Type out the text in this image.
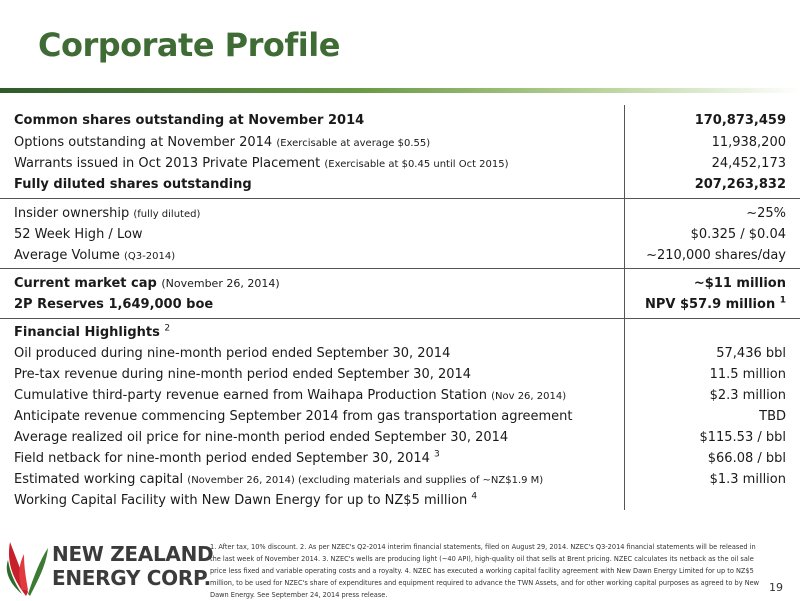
Corporate Profile
Common shares outstanding at November 2014	170,873,459
Options outstanding at November 2014 (Exercisable at average $0.55)	11,938,200
Warrants issued in Oct 2013 Private Placement (Exercisable at $0.45 until Oct 2015)	24,452,173
Fully diluted shares outstanding	207,263,832
Insider ownership (fully diluted)	~25%
52 Week High / Low	$0.325 / $0.04
Average Volume (Q3-2014)	~210,000 shares/day
Current market cap (November 26, 2014)	~$11 million
2P Reserves 1,649,000 boe	NPV $57.9 million $^1$
Financial Highlights $^2$
Oil produced during nine-month period ended September 30, 2014	57,436 bbl
Pre-tax revenue during nine-month period ended September 30, 2014	11.5 million
Cumulative third-party revenue earned from Waihapa Production Station (Nov 26, 2014)	$2.3 million
Anticipate revenue commencing September 2014 from gas transportation agreement	TBD
Average realized oil price for nine-month period ended September 30, 2014	$115.53 / bbl
Field netback for nine-month period ended September 30, 2014 $^3$	$66.08 / bbl
Estimated working capital (November 26, 2014) (excluding materials and supplies of ~NZ$1.9 M)	$1.3 million
Working Capital Facility with New Dawn Energy for up to NZ$5 million $^4$
NEW ZEALAND
ENERGY CORP.
1. After tax, 10% discount. 2. As per NZEC's Q2-2014 interim financial statements, filed on August 29, 2014. NZEC's Q3-2014 financial statements will be released in the last week of November 2014. 3. NZEC's wells are producing light (~40 API), high-quality oil that sells at Brent pricing. NZEC calculates its netback as the oil sale price less fixed and variable operating costs and a royalty. 4. NZEC has executed a working capital facility agreement with New Dawn Energy Limited for up to NZ$5 million, to be used for NZEC's share of expenditures and equipment required to advance the TWN Assets, and for other working capital purposes as agreed to by New Dawn Energy. See September 24, 2014 press release.
19
